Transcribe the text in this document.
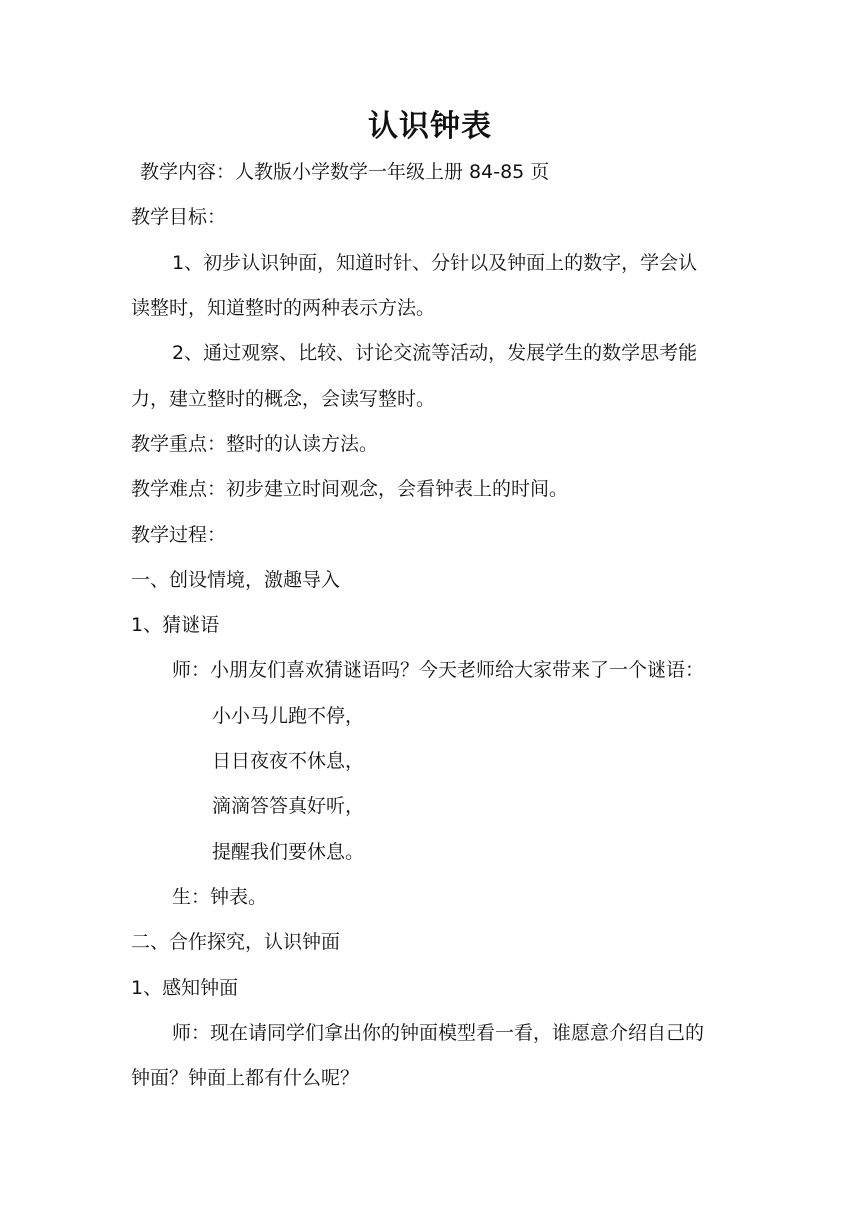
认识钟表
教学内容：人教版小学数学一年级上册 84-85 页
教学目标：
1、初步认识钟面，知道时针、分针以及钟面上的数字，学会认
读整时，知道整时的两种表示方法。
2、通过观察、比较、讨论交流等活动，发展学生的数学思考能
力，建立整时的概念，会读写整时。
教学重点：整时的认读方法。
教学难点：初步建立时间观念，会看钟表上的时间。
教学过程：
一、创设情境，激趣导入
1、猜谜语
师：小朋友们喜欢猜谜语吗？今天老师给大家带来了一个谜语：
小小马儿跑不停，
日日夜夜不休息，
滴滴答答真好听，
提醒我们要休息。
生：钟表。
二、合作探究，认识钟面
1、感知钟面
师：现在请同学们拿出你的钟面模型看一看，谁愿意介绍自己的
钟面？钟面上都有什么呢？
